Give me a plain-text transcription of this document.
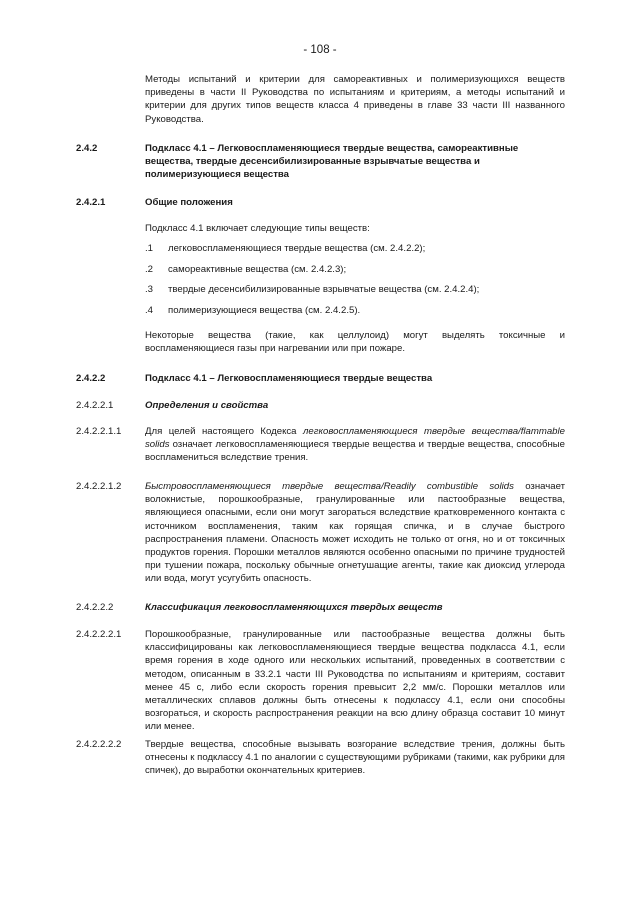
- 108 -
Методы испытаний и критерии для самореактивных и полимеризующихся веществ приведены в части II Руководства по испытаниям и критериям, а методы испытаний и критерии для других типов веществ класса 4 приведены в главе 33 части III названного Руководства.
2.4.2	Подкласс 4.1 – Легковоспламеняющиеся твердые вещества, самореактивные вещества, твердые десенсибилизированные взрывчатые вещества и полимеризующиеся вещества
2.4.2.1	Общие положения
Подкласс 4.1 включает следующие типы веществ:
.1 легковоспламеняющиеся твердые вещества (см. 2.4.2.2);
.2 самореактивные вещества (см. 2.4.2.3);
.3 твердые десенсибилизированные взрывчатые вещества (см. 2.4.2.4);
.4 полимеризующиеся вещества (см. 2.4.2.5).
Некоторые вещества (такие, как целлулоид) могут выделять токсичные и воспламеняющиеся газы при нагревании или при пожаре.
2.4.2.2	Подкласс 4.1 – Легковоспламеняющиеся твердые вещества
2.4.2.2.1	Определения и свойства
2.4.2.2.1.1 Для целей настоящего Кодекса легковоспламеняющиеся твердые вещества/flammable solids означает легковоспламеняющиеся твердые вещества и твердые вещества, способные воспламениться вследствие трения.
2.4.2.2.1.2 Быстровоспламеняющиеся твердые вещества/Readily combustible solids означает волокнистые, порошкообразные, гранулированные или пастообразные вещества, являющиеся опасными, если они могут загораться вследствие кратковременного контакта с источником воспламенения, таким как горящая спичка, и в случае быстрого распространения пламени. Опасность может исходить не только от огня, но и от токсичных продуктов горения. Порошки металлов являются особенно опасными по причине трудностей при тушении пожара, поскольку обычные огнетушащие агенты, такие как диоксид углерода или вода, могут усугубить опасность.
2.4.2.2.2	Классификация легковоспламеняющихся твердых веществ
2.4.2.2.2.1 Порошкообразные, гранулированные или пастообразные вещества должны быть классифицированы как легковоспламеняющиеся твердые вещества подкласса 4.1, если время горения в ходе одного или нескольких испытаний, проведенных в соответствии с методом, описанным в 33.2.1 части III Руководства по испытаниям и критериям, составит менее 45 с, либо если скорость горения превысит 2,2 мм/с. Порошки металлов или металлических сплавов должны быть отнесены к подклассу 4.1, если они способны возгораться, и скорость распространения реакции на всю длину образца составит 10 минут или менее.
2.4.2.2.2.2 Твердые вещества, способные вызывать возгорание вследствие трения, должны быть отнесены к подклассу 4.1 по аналогии с существующими рубриками (такими, как рубрики для спичек), до выработки окончательных критериев.
